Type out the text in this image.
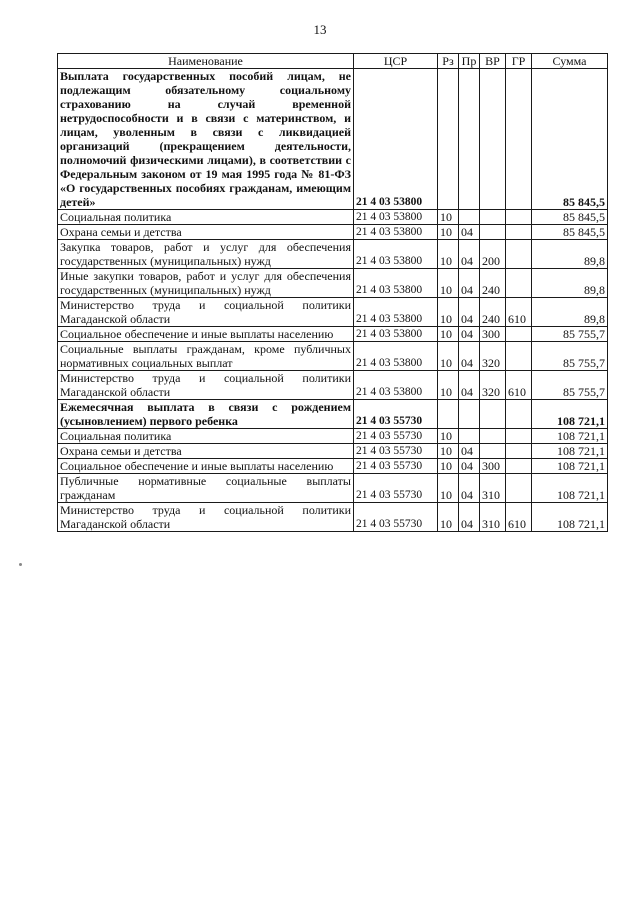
13
Наименование	ЦСР	Рз	Пр	ВР	ГР	Сумма
Выплата государственных пособий лицам, не подлежащим обязательному социальному страхованию на случай временной нетрудоспособности и в связи с материнством, и лицам, уволенным в связи с ликвидацией организаций (прекращением деятельности, полномочий физическими лицами), в соответствии с Федеральным законом от 19 мая 1995 года № 81-ФЗ «О государственных пособиях гражданам, имеющим детей»	21 4 03 53800					85 845,5
Социальная политика	21 4 03 53800	10				85 845,5
Охрана семьи и детства	21 4 03 53800	10	04			85 845,5
Закупка товаров, работ и услуг для обеспечения государственных (муниципальных) нужд	21 4 03 53800	10	04	200		89,8
Иные закупки товаров, работ и услуг для обеспечения государственных (муниципальных) нужд	21 4 03 53800	10	04	240		89,8
Министерство труда и социальной политики Магаданской области	21 4 03 53800	10	04	240	610	89,8
Социальное обеспечение и иные выплаты населению	21 4 03 53800	10	04	300		85 755,7
Социальные выплаты гражданам, кроме публичных нормативных социальных выплат	21 4 03 53800	10	04	320		85 755,7
Министерство труда и социальной политики Магаданской области	21 4 03 53800	10	04	320	610	85 755,7
Ежемесячная выплата в связи с рождением (усыновлением) первого ребенка	21 4 03 55730					108 721,1
Социальная политика	21 4 03 55730	10				108 721,1
Охрана семьи и детства	21 4 03 55730	10	04			108 721,1
Социальное обеспечение и иные выплаты населению	21 4 03 55730	10	04	300		108 721,1
Публичные нормативные социальные выплаты гражданам	21 4 03 55730	10	04	310		108 721,1
Министерство труда и социальной политики Магаданской области	21 4 03 55730	10	04	310	610	108 721,1
